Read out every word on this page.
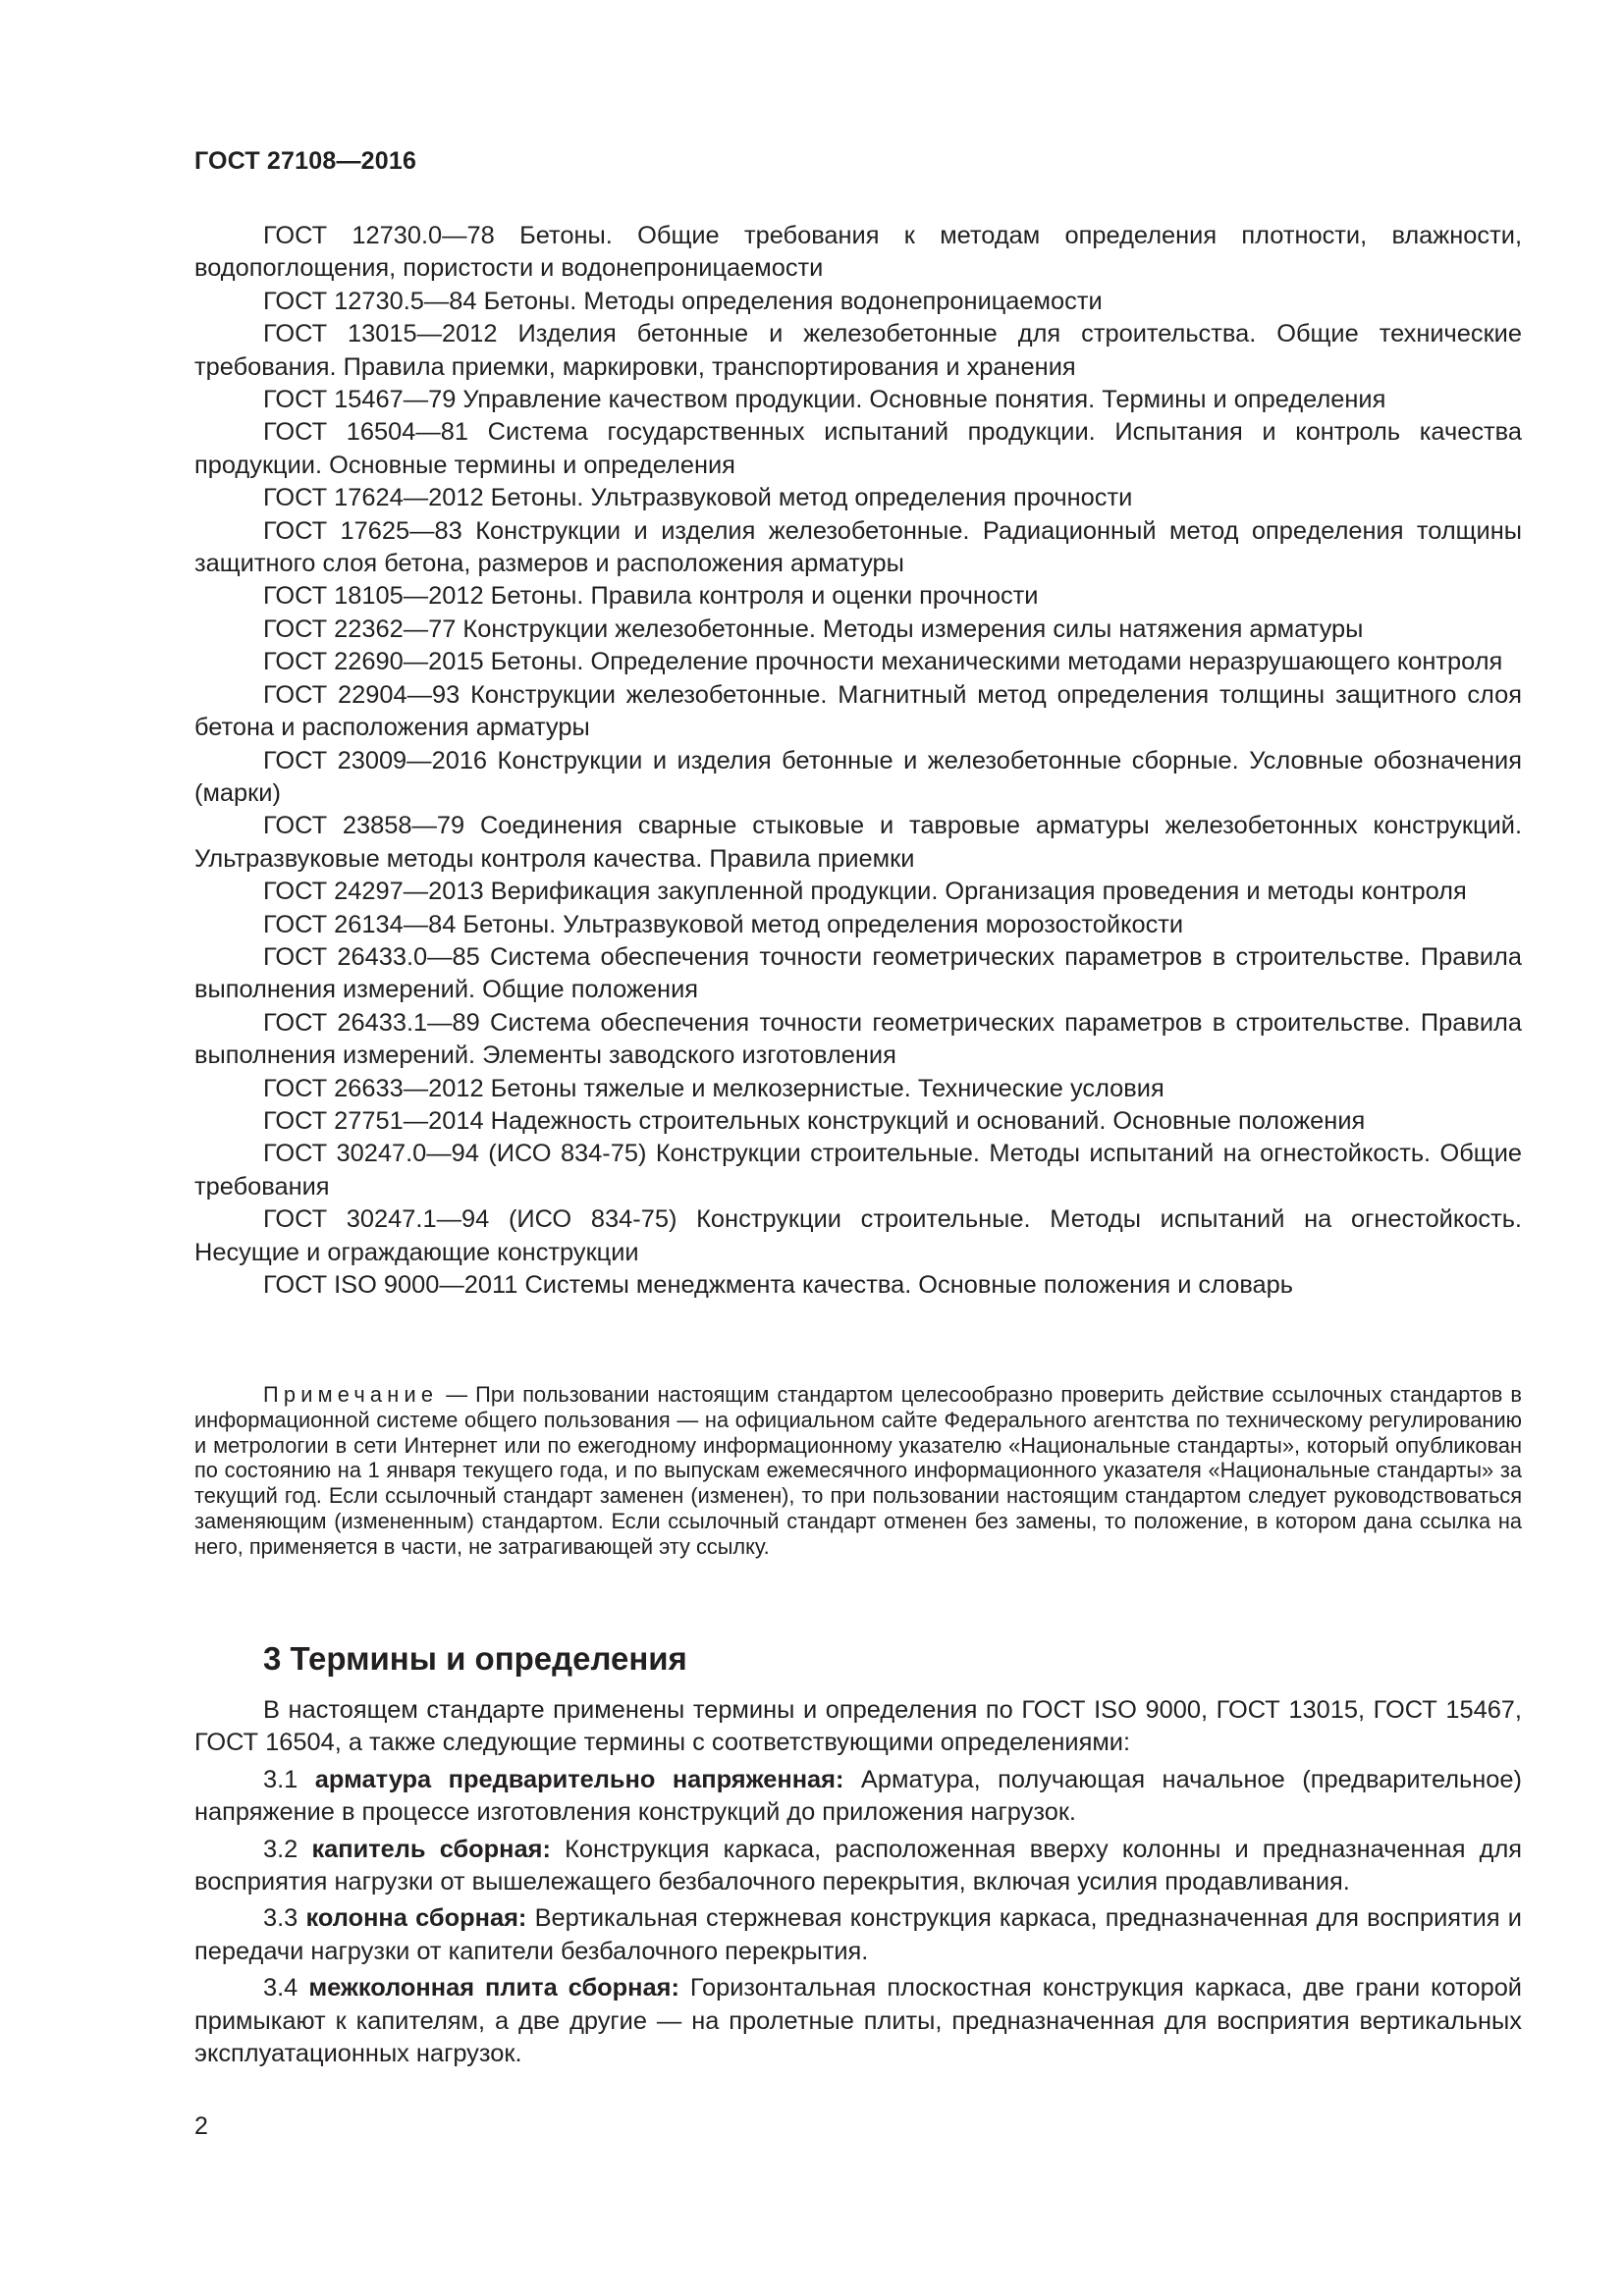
ГОСТ 27108—2016

ГОСТ 12730.0—78 Бетоны. Общие требования к методам определения плотности, влажности, водопоглощения, пористости и водонепроницаемости

ГОСТ 12730.5—84 Бетоны. Методы определения водонепроницаемости

ГОСТ 13015—2012 Изделия бетонные и железобетонные для строительства. Общие технические требования. Правила приемки, маркировки, транспортирования и хранения

ГОСТ 15467—79 Управление качеством продукции. Основные понятия. Термины и определения

ГОСТ 16504—81 Система государственных испытаний продукции. Испытания и контроль качества продукции. Основные термины и определения

ГОСТ 17624—2012 Бетоны. Ультразвуковой метод определения прочности

ГОСТ 17625—83 Конструкции и изделия железобетонные. Радиационный метод определения толщины защитного слоя бетона, размеров и расположения арматуры

ГОСТ 18105—2012 Бетоны. Правила контроля и оценки прочности

ГОСТ 22362—77 Конструкции железобетонные. Методы измерения силы натяжения арматуры

ГОСТ 22690—2015 Бетоны. Определение прочности механическими методами неразрушающего контроля

ГОСТ 22904—93 Конструкции железобетонные. Магнитный метод определения толщины защитного слоя бетона и расположения арматуры

ГОСТ 23009—2016 Конструкции и изделия бетонные и железобетонные сборные. Условные обозначения (марки)

ГОСТ 23858—79 Соединения сварные стыковые и тавровые арматуры железобетонных конструкций. Ультразвуковые методы контроля качества. Правила приемки

ГОСТ 24297—2013 Верификация закупленной продукции. Организация проведения и методы контроля

ГОСТ 26134—84 Бетоны. Ультразвуковой метод определения морозостойкости

ГОСТ 26433.0—85 Система обеспечения точности геометрических параметров в строительстве. Правила выполнения измерений. Общие положения

ГОСТ 26433.1—89 Система обеспечения точности геометрических параметров в строительстве. Правила выполнения измерений. Элементы заводского изготовления

ГОСТ 26633—2012 Бетоны тяжелые и мелкозернистые. Технические условия

ГОСТ 27751—2014 Надежность строительных конструкций и оснований. Основные положения

ГОСТ 30247.0—94 (ИСО 834-75) Конструкции строительные. Методы испытаний на огнестойкость. Общие требования

ГОСТ 30247.1—94 (ИСО 834-75) Конструкции строительные. Методы испытаний на огнестойкость. Несущие и ограждающие конструкции

ГОСТ ISO 9000—2011 Системы менеджмента качества. Основные положения и словарь

Примечание — При пользовании настоящим стандартом целесообразно проверить действие ссылочных стандартов в информационной системе общего пользования — на официальном сайте Федерального агентства по техническому регулированию и метрологии в сети Интернет или по ежегодному информационному указателю «Национальные стандарты», который опубликован по состоянию на 1 января текущего года, и по выпускам ежемесячного информационного указателя «Национальные стандарты» за текущий год. Если ссылочный стандарт заменен (изменен), то при пользовании настоящим стандартом следует руководствоваться заменяющим (измененным) стандартом. Если ссылочный стандарт отменен без замены, то положение, в котором дана ссылка на него, применяется в части, не затрагивающей эту ссылку.

3 Термины и определения

В настоящем стандарте применены термины и определения по ГОСТ ISO 9000, ГОСТ 13015, ГОСТ 15467, ГОСТ 16504, а также следующие термины с соответствующими определениями:

3.1 арматура предварительно напряженная: Арматура, получающая начальное (предварительное) напряжение в процессе изготовления конструкций до приложения нагрузок.

3.2 капитель сборная: Конструкция каркаса, расположенная вверху колонны и предназначенная для восприятия нагрузки от вышележащего безбалочного перекрытия, включая усилия продавливания.

3.3 колонна сборная: Вертикальная стержневая конструкция каркаса, предназначенная для восприятия и передачи нагрузки от капители безбалочного перекрытия.

3.4 межколонная плита сборная: Горизонтальная плоскостная конструкция каркаса, две грани которой примыкают к капителям, а две другие — на пролетные плиты, предназначенная для восприятия вертикальных эксплуатационных нагрузок.

2
